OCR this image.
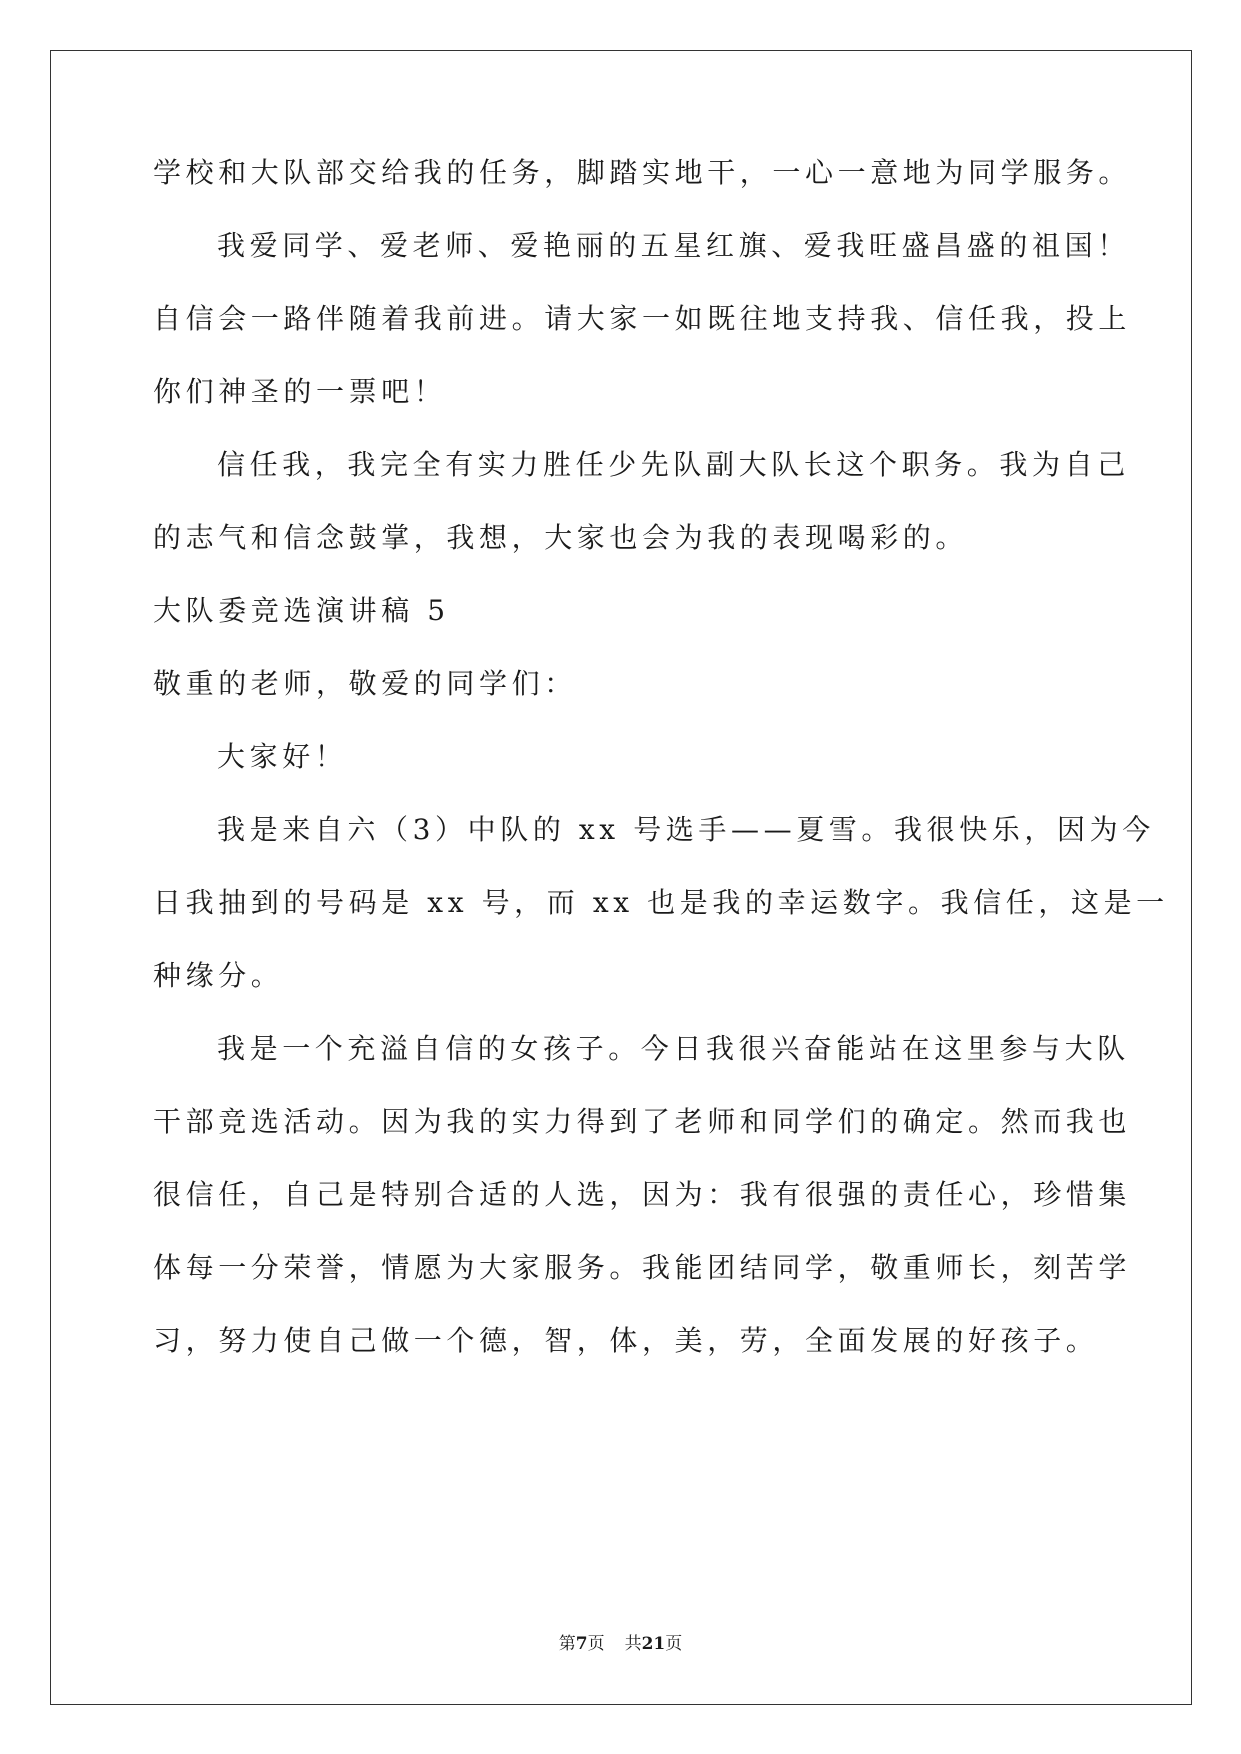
学校和大队部交给我的任务，脚踏实地干，一心一意地为同学服务。
我爱同学、爱老师、爱艳丽的五星红旗、爱我旺盛昌盛的祖国！
自信会一路伴随着我前进。请大家一如既往地支持我、信任我，投上
你们神圣的一票吧！
信任我，我完全有实力胜任少先队副大队长这个职务。我为自己
的志气和信念鼓掌，我想，大家也会为我的表现喝彩的。
大队委竞选演讲稿 5
敬重的老师，敬爱的同学们：
大家好！
我是来自六（3）中队的 xx 号选手——夏雪。我很快乐，因为今
日我抽到的号码是 xx 号，而 xx 也是我的幸运数字。我信任，这是一
种缘分。
我是一个充溢自信的女孩子。今日我很兴奋能站在这里参与大队
干部竞选活动。因为我的实力得到了老师和同学们的确定。然而我也
很信任，自己是特别合适的人选，因为：我有很强的责任心，珍惜集
体每一分荣誉，情愿为大家服务。我能团结同学，敬重师长，刻苦学
习，努力使自己做一个德，智，体，美，劳，全面发展的好孩子。
第7页 共21页
